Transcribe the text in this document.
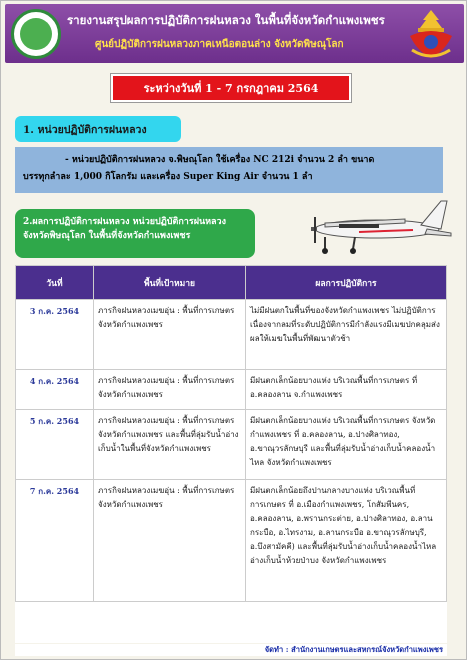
รายงานสรุปผลการปฏิบัติการฝนหลวง ในพื้นที่จังหวัดกำแพงเพชร
ศูนย์ปฏิบัติการฝนหลวงภาคเหนือตอนล่าง จังหวัดพิษณุโลก
ระหว่างวันที่ 1 - 7 กรกฎาคม 2564
1. หน่วยปฏิบัติการฝนหลวง
- หน่วยปฏิบัติการฝนหลวง จ.พิษณุโลก ใช้เครื่อง NC 212i จำนวน 2 ลำ ขนาด
บรรทุกลำละ 1,000 กิโลกรัม และเครื่อง Super King Air จำนวน 1 ลำ
2.ผลการปฏิบัติการฝนหลวง หน่วยปฏิบัติการฝนหลวง
จังหวัดพิษณุโลก ในพื้นที่จังหวัดกำแพงเพชร
วันที่	พื้นที่เป้าหมาย	ผลการปฏิบัติการ
3 ก.ค. 2564	ภารกิจฝนหลวงเมฆอุ่น : พื้นที่การเกษตร จังหวัดกำแพงเพชร	ไม่มีฝนตกในพื้นที่ของจังหวัดกำแพงเพชร ไม่ปฏิบัติการ เนื่องจากลมที่ระดับปฏิบัติการมีกำลังแรงมีเมฆปกคลุมส่งผลให้เมฆในพื้นที่พัฒนาตัวช้า
4 ก.ค. 2564	ภารกิจฝนหลวงเมฆอุ่น : พื้นที่การเกษตร จังหวัดกำแพงเพชร	มีฝนตกเล็กน้อยบางแห่ง บริเวณพื้นที่การเกษตร ที่ อ.คลองลาน จ.กำแพงเพชร
5 ก.ค. 2564	ภารกิจฝนหลวงเมฆอุ่น : พื้นที่การเกษตร จังหวัดกำแพงเพชร และพื้นที่ลุ่มรับน้ำอ่างเก็บน้ำในพื้นที่จังหวัดกำแพงเพชร	มีฝนตกเล็กน้อยบางแห่ง บริเวณพื้นที่การเกษตร จังหวัดกำแพงเพชร ที่ อ.คลองลาน, อ.ปางศิลาทอง, อ.ขาณุวรลักษบุรี และพื้นที่ลุ่มรับน้ำอ่างเก็บน้ำคลองน้ำไหล จังหวัดกำแพงเพชร
7 ก.ค. 2564	ภารกิจฝนหลวงเมฆอุ่น : พื้นที่การเกษตร จังหวัดกำแพงเพชร	มีฝนตกเล็กน้อยถึงปานกลางบางแห่ง บริเวณพื้นที่การเกษตร ที่ อ.เมืองกำแพงเพชร, โกสัมพีนคร, อ.คลองลาน, อ.พรานกระต่าย, อ.ปางศิลาทอง, อ.ลานกระบือ, อ.ไทรงาม, อ.ลานกระบือ อ.ขาณุวรลักษบุรี, อ.บึงสามัคคี) และพื้นที่ลุ่มรับน้ำอ่างเก็บน้ำคลองน้ำไหล อ่างเก็บน้ำห้วยป่าบง จังหวัดกำแพงเพชร
จัดทำ : สำนักงานเกษตรและสหกรณ์จังหวัดกำแพงเพชร
